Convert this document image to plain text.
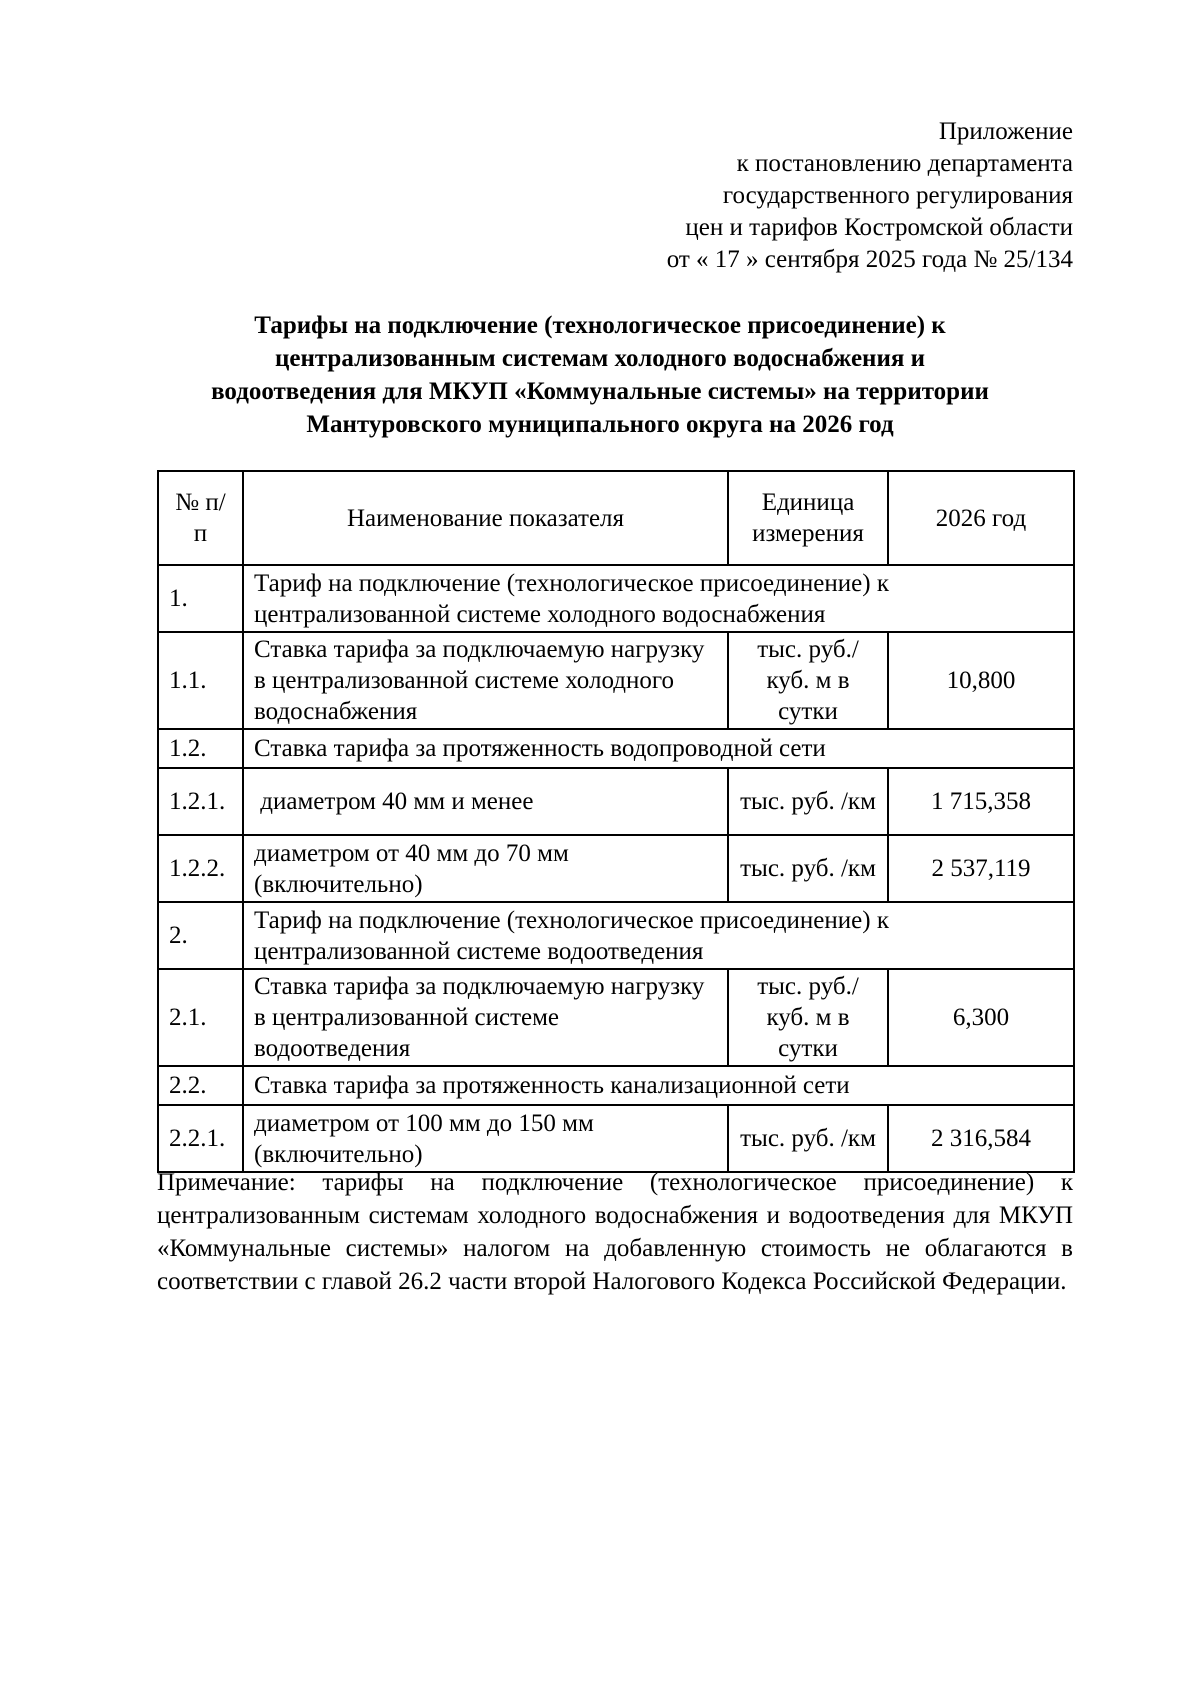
Приложение
к постановлению департамента
государственного регулирования
цен и тарифов Костромской области
от « 17 » сентября 2025 года № 25/134
Тарифы на подключение (технологическое присоединение) к
централизованным системам холодного водоснабжения и
водоотведения для МКУП «Коммунальные системы» на территории
Мантуровского муниципального округа на 2026 год
№ п/п	Наименование показателя	Единица измерения	2026 год
1.	Тариф на подключение (технологическое присоединение) к централизованной системе холодного водоснабжения		
1.1.	Ставка тарифа за подключаемую нагрузку в централизованной системе холодного водоснабжения	тыс. руб./ куб. м в сутки	10,800
1.2.	Ставка тарифа за протяженность водопроводной сети		
1.2.1.	диаметром 40 мм и менее	тыс. руб. /км	1 715,358
1.2.2.	диаметром от 40 мм до 70 мм (включительно)	тыс. руб. /км	2 537,119
2.	Тариф на подключение (технологическое присоединение) к централизованной системе водоотведения		
2.1.	Ставка тарифа за подключаемую нагрузку в централизованной системе водоотведения	тыс. руб./ куб. м в сутки	6,300
2.2.	Ставка тарифа за протяженность канализационной сети		
2.2.1.	диаметром от 100 мм до 150 мм (включительно)	тыс. руб. /км	2 316,584
Примечание: тарифы на подключение (технологическое присоединение) к централизованным системам холодного водоснабжения и водоотведения для МКУП «Коммунальные системы» налогом на добавленную стоимость не облагаются в соответствии с главой 26.2 части второй Налогового Кодекса Российской Федерации.
